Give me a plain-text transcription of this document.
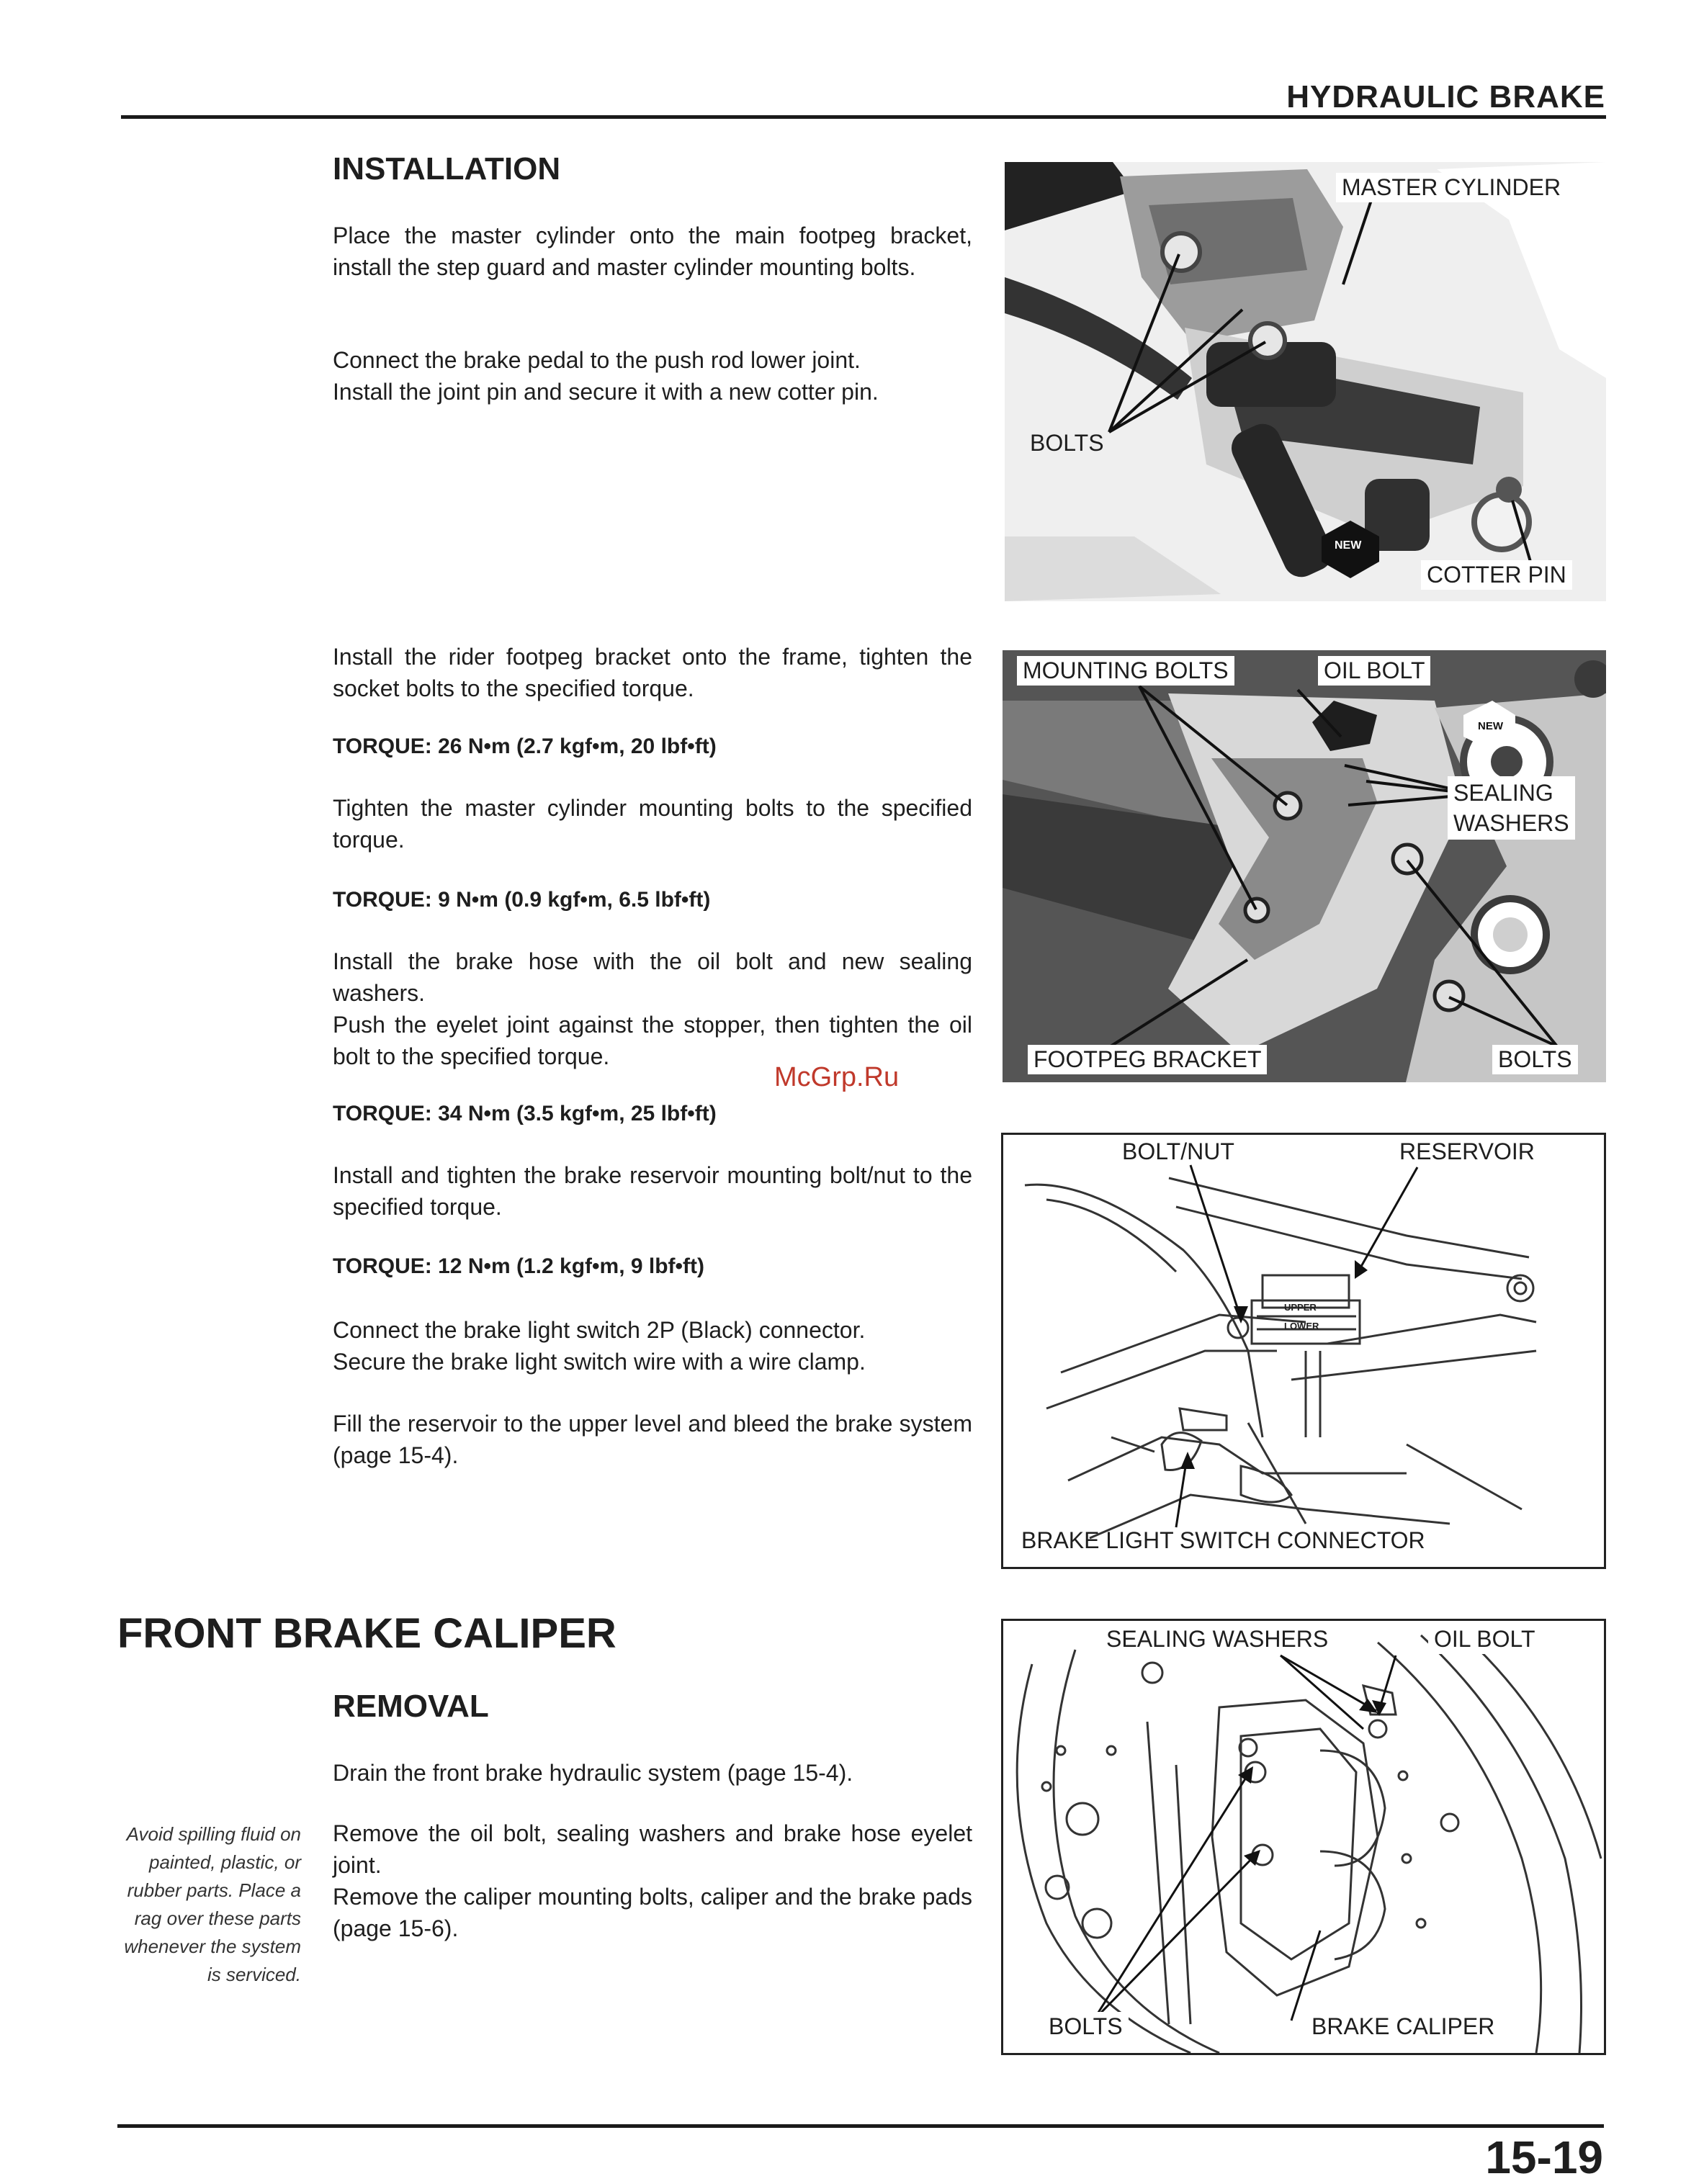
HYDRAULIC BRAKE
INSTALLATION
Place the master cylinder onto the main footpeg bracket, install the step guard and master cylinder mounting bolts.
Connect the brake pedal to the push rod lower joint.
Install the joint pin and secure it with a new cotter pin.
Install the rider footpeg bracket onto the frame, tighten the socket bolts to the specified torque.
TORQUE: 26 N•m (2.7 kgf•m, 20 lbf•ft)
Tighten the master cylinder mounting bolts to the specified torque.
TORQUE: 9 N•m (0.9 kgf•m, 6.5 lbf•ft)
Install the brake hose with the oil bolt and new sealing washers.
Push the eyelet joint against the stopper, then tighten the oil bolt to the specified torque.
TORQUE: 34 N•m (3.5 kgf•m, 25 lbf•ft)
Install and tighten the brake reservoir mounting bolt/nut to the specified torque.
TORQUE: 12 N•m (1.2 kgf•m, 9 lbf•ft)
Connect the brake light switch 2P (Black) connector.
Secure the brake light switch wire with a wire clamp.
Fill the reservoir to the upper level and bleed the brake system (page 15-4).
FRONT BRAKE CALIPER
REMOVAL
Drain the front brake hydraulic system (page 15-4).
Remove the oil bolt, sealing washers and brake hose eyelet joint.
Remove the caliper mounting bolts, caliper and the brake pads (page 15-6).
Avoid spilling fluid on painted, plastic, or rubber parts. Place a rag over these parts whenever the system is serviced.
McGrp.Ru
MASTER CYLINDER
BOLTS
COTTER PIN
NEW
MOUNTING BOLTS	OIL BOLT
SEALING
WASHERS
FOOTPEG BRACKET	BOLTS
NEW
BOLT/NUT	RESERVOIR
UPPER
LOWER
BRAKE LIGHT SWITCH CONNECTOR
SEALING WASHERS	OIL BOLT
BOLTS	BRAKE CALIPER
15-19
